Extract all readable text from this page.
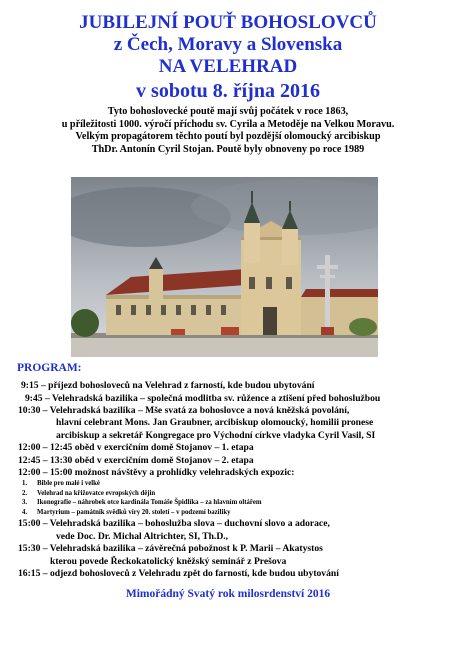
JUBILEJNÍ POUŤ BOHOSLOVCŮ
z Čech, Moravy a Slovenska
NA VELEHRAD
v sobotu 8. října 2016
Tyto bohoslovecké poutě mají svůj počátek v roce 1863,
u příležitosti 1000. výročí příchodu sv. Cyrila a Metoděje na Velkou Moravu.
Velkým propagátorem těchto poutí byl pozdější olomoucký arcibiskup
ThDr. Antonín Cyril Stojan. Poutě byly obnoveny po roce 1989
PROGRAM:
9:15 – příjezd bohosloveců na Velehrad z farností, kde budou ubytování
9:45 – Velehradská bazilika – společná modlitba sv. růžence a ztišení před bohoslužbou
10:30 – Velehradská bazilika – Mše svatá za bohoslovce a nová kněžská povolání,
hlavní celebrant Mons. Jan Graubner, arcibiskup olomoucký, homilii pronese
arcibiskup a sekretář Kongregace pro Východní církve vladyka Cyril Vasil, SI
12:00 – 12:45 oběd v exercičním domě Stojanov – 1. etapa
12:45 – 13:30 oběd v exercičním domě Stojanov – 2. etapa
12:00 – 15:00 možnost návštěvy a prohlídky velehradských expozic:
1. Bible pro malé i velké
2. Velehrad na křižovatce evropských dějin
3. Ikonografie – náhrobek otce kardinála Tomáše Špidlíka – za hlavním oltářem
4. Martyrium – památník svědků víry 20. století – v podzemí baziliky
15:00 – Velehradská bazilika – bohoslužba slova – duchovní slovo a adorace,
vede Doc. Dr. Michal Altrichter, SI, Th.D.,
15:30 – Velehradská bazilika – závěrečná pobožnost k P. Marii – Akatystos
kterou povede Řeckokatolický kněžský seminář z Prešova
16:15 – odjezd bohosloveců z Velehradu zpět do farností, kde budou ubytování
Mimořádný Svatý rok milosrdenství 2016
